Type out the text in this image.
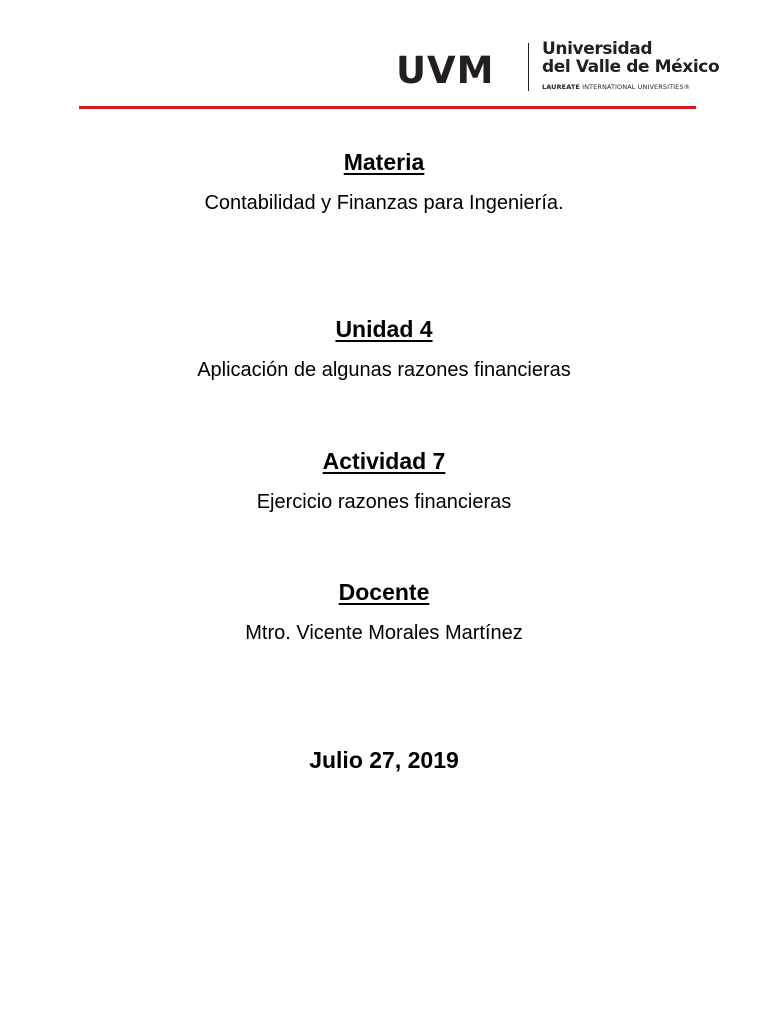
UVM	Universidad
del Valle de México
LAUREATE INTERNATIONAL UNIVERSITIES®
Materia
Contabilidad y Finanzas para Ingeniería.
Unidad 4
Aplicación de algunas razones financieras
Actividad 7
Ejercicio razones financieras
Docente
Mtro. Vicente Morales Martínez
Julio 27, 2019
